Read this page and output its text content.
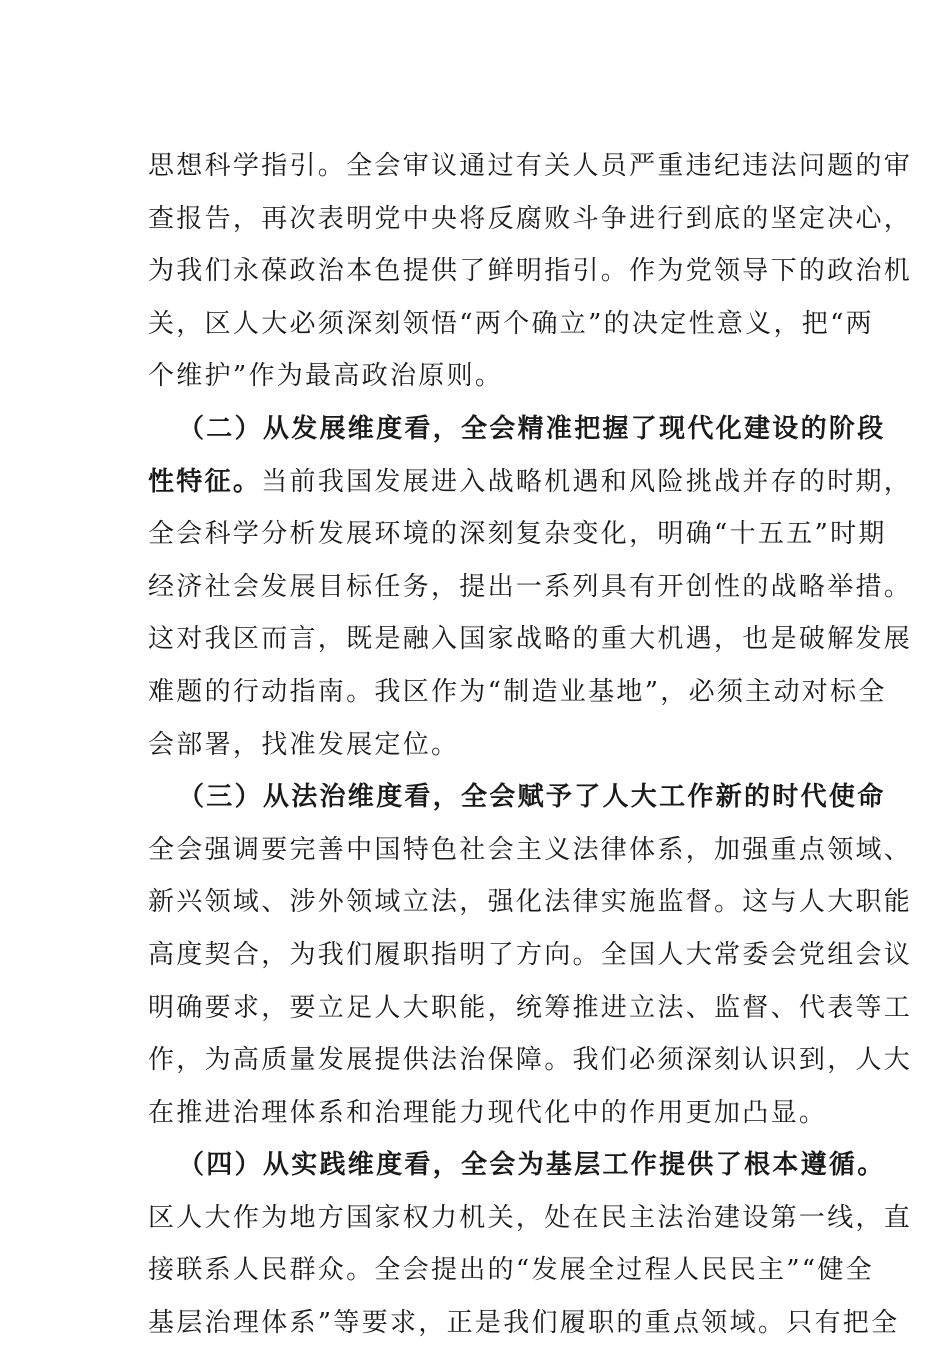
思想科学指引。全会审议通过有关人员严重违纪违法问题的审
查报告，再次表明党中央将反腐败斗争进行到底的坚定决心，
为我们永葆政治本色提供了鲜明指引。作为党领导下的政治机
关，区人大必须深刻领悟“两个确立”的决定性意义，把“两
个维护”作为最高政治原则。
（二）从发展维度看，全会精准把握了现代化建设的阶段
性特征。当前我国发展进入战略机遇和风险挑战并存的时期，
全会科学分析发展环境的深刻复杂变化，明确“十五五”时期
经济社会发展目标任务，提出一系列具有开创性的战略举措。
这对我区而言，既是融入国家战略的重大机遇，也是破解发展
难题的行动指南。我区作为“制造业基地”，必须主动对标全
会部署，找准发展定位。
（三）从法治维度看，全会赋予了人大工作新的时代使命
全会强调要完善中国特色社会主义法律体系，加强重点领域、
新兴领域、涉外领域立法，强化法律实施监督。这与人大职能
高度契合，为我们履职指明了方向。全国人大常委会党组会议
明确要求，要立足人大职能，统筹推进立法、监督、代表等工
作，为高质量发展提供法治保障。我们必须深刻认识到，人大
在推进治理体系和治理能力现代化中的作用更加凸显。
（四）从实践维度看，全会为基层工作提供了根本遵循。
区人大作为地方国家权力机关，处在民主法治建设第一线，直
接联系人民群众。全会提出的“发展全过程人民民主”“健全
基层治理体系”等要求，正是我们履职的重点领域。只有把全
